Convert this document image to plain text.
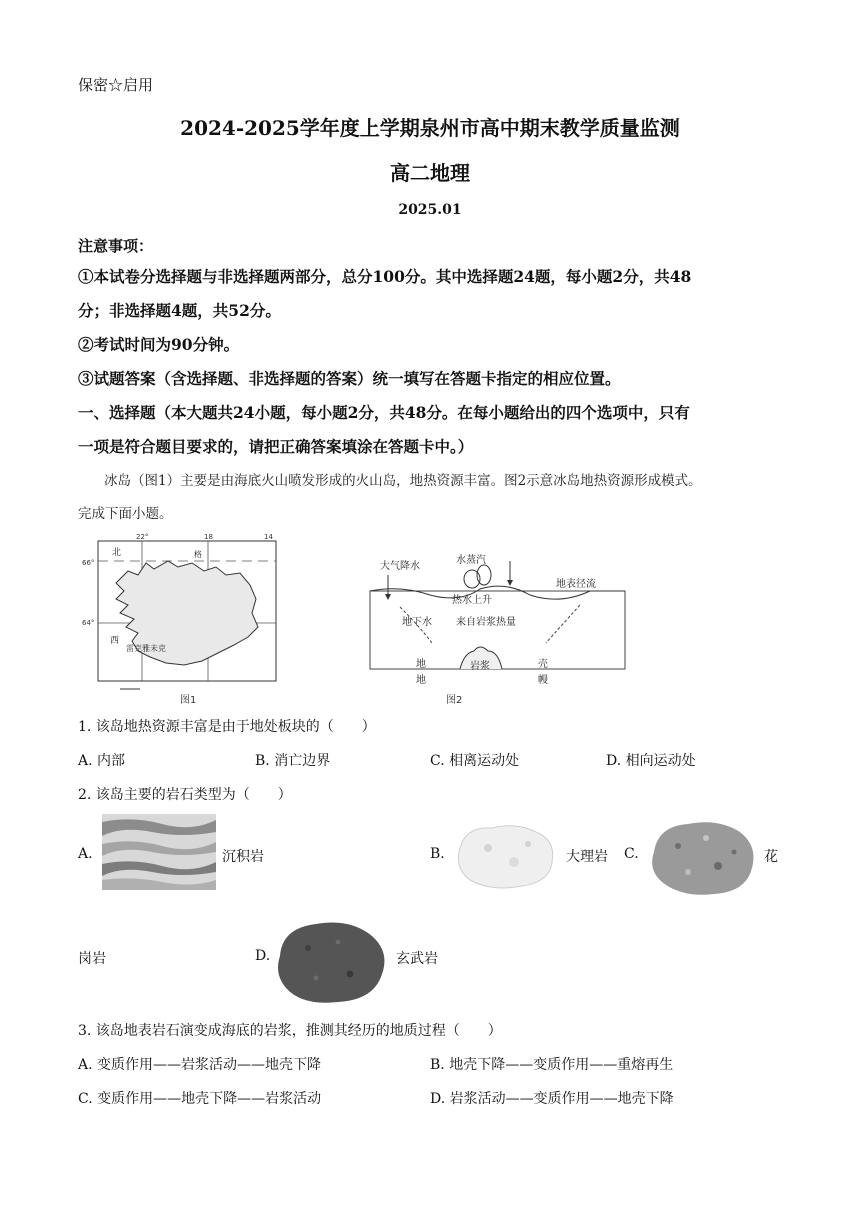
保密☆启用
2024-2025学年度上学期泉州市高中期末教学质量监测
高二地理
2025.01
注意事项：
①本试卷分选择题与非选择题两部分，总分100分。其中选择题24题，每小题2分，共48
分；非选择题4题，共52分。
②考试时间为90分钟。
③试题答案（含选择题、非选择题的答案）统一填写在答题卡指定的相应位置。
一、选择题（本大题共24小题，每小题2分，共48分。在每小题给出的四个选项中，只有
一项是符合题目要求的，请把正确答案填涂在答题卡中。）
冰岛（图1）主要是由海底火山喷发形成的火山岛，地热资源丰富。图2示意冰岛地热资源形成模式。
完成下面小题。
北	格
西
雷克雅未克
66°
64°
22°	18	14
图1
大气降水
水蒸汽
地表径流
热水上升
地下水 来自岩浆热量
地
地
岩浆	壳
幔
图2
1. 该岛地热资源丰富是由于地处板块的（　　）
A. 内部	B. 消亡边界	C. 相离运动处	D. 相向运动处
2. 该岛主要的岩石类型为（　　）
A.	沉积岩	B.	大理岩 C.	花
岗岩	D.	玄武岩
3. 该岛地表岩石演变成海底的岩浆，推测其经历的地质过程（　　）
A. 变质作用——岩浆活动——地壳下降	B. 地壳下降——变质作用——重熔再生
C. 变质作用——地壳下降——岩浆活动	D. 岩浆活动——变质作用——地壳下降
